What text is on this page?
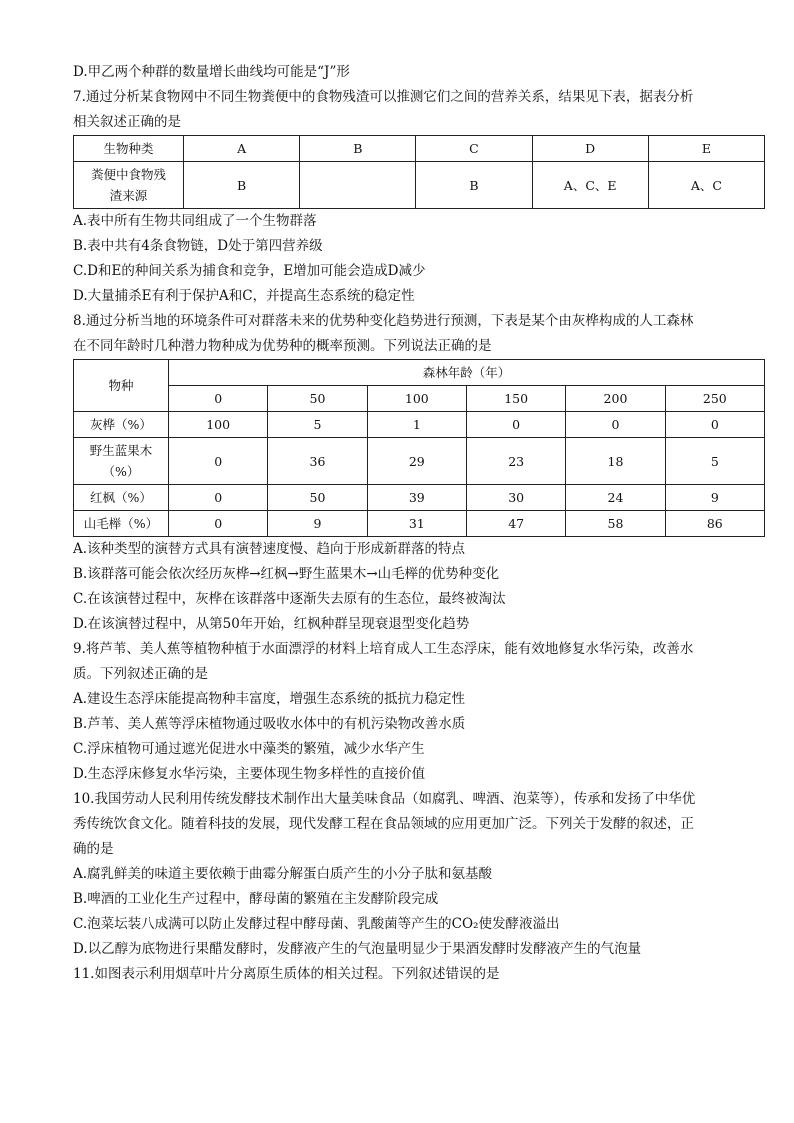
D.甲乙两个种群的数量增长曲线均可能是“J”形

7.通过分析某食物网中不同生物粪便中的食物残渣可以推测它们之间的营养关系，结果见下表，据表分析

相关叙述正确的是

生物种类	A	B	C	D	E

粪便中食物残
渣来源	B		B	A、C、E	A、C

A.表中所有生物共同组成了一个生物群落

B.表中共有4条食物链，D处于第四营养级

C.D和E的种间关系为捕食和竞争，E增加可能会造成D减少

D.大量捕杀E有利于保护A和C，并提高生态系统的稳定性

8.通过分析当地的环境条件可对群落未来的优势种变化趋势进行预测，下表是某个由灰桦构成的人工森林

在不同年龄时几种潜力物种成为优势种的概率预测。下列说法正确的是

物种	森林年龄（年）					
	0	50	100	150	200	250
灰桦（%）	100	5	1	0	0	0

野生蓝果木
（%）	0	36	29	23	18	5
红枫（%）	0	50	39	30	24	9
山毛榉（%）	0	9	31	47	58	86

A.该种类型的演替方式具有演替速度慢、趋向于形成新群落的特点

B.该群落可能会依次经历灰桦→红枫→野生蓝果木→山毛榉的优势种变化

C.在该演替过程中，灰桦在该群落中逐渐失去原有的生态位，最终被淘汰

D.在该演替过程中，从第50年开始，红枫种群呈现衰退型变化趋势

9.将芦苇、美人蕉等植物种植于水面漂浮的材料上培育成人工生态浮床，能有效地修复水华污染，改善水

质。下列叙述正确的是

A.建设生态浮床能提高物种丰富度，增强生态系统的抵抗力稳定性

B.芦苇、美人蕉等浮床植物通过吸收水体中的有机污染物改善水质

C.浮床植物可通过遮光促进水中藻类的繁殖，减少水华产生

D.生态浮床修复水华污染，主要体现生物多样性的直接价值

10.我国劳动人民利用传统发酵技术制作出大量美味食品（如腐乳、啤酒、泡菜等），传承和发扬了中华优

秀传统饮食文化。随着科技的发展，现代发酵工程在食品领域的应用更加广泛。下列关于发酵的叙述，正

确的是

A.腐乳鲜美的味道主要依赖于曲霉分解蛋白质产生的小分子肽和氨基酸

B.啤酒的工业化生产过程中，酵母菌的繁殖在主发酵阶段完成

C.泡菜坛装八成满可以防止发酵过程中酵母菌、乳酸菌等产生的CO₂使发酵液溢出

D.以乙醇为底物进行果醋发酵时，发酵液产生的气泡量明显少于果酒发酵时发酵液产生的气泡量

11.如图表示利用烟草叶片分离原生质体的相关过程。下列叙述错误的是
